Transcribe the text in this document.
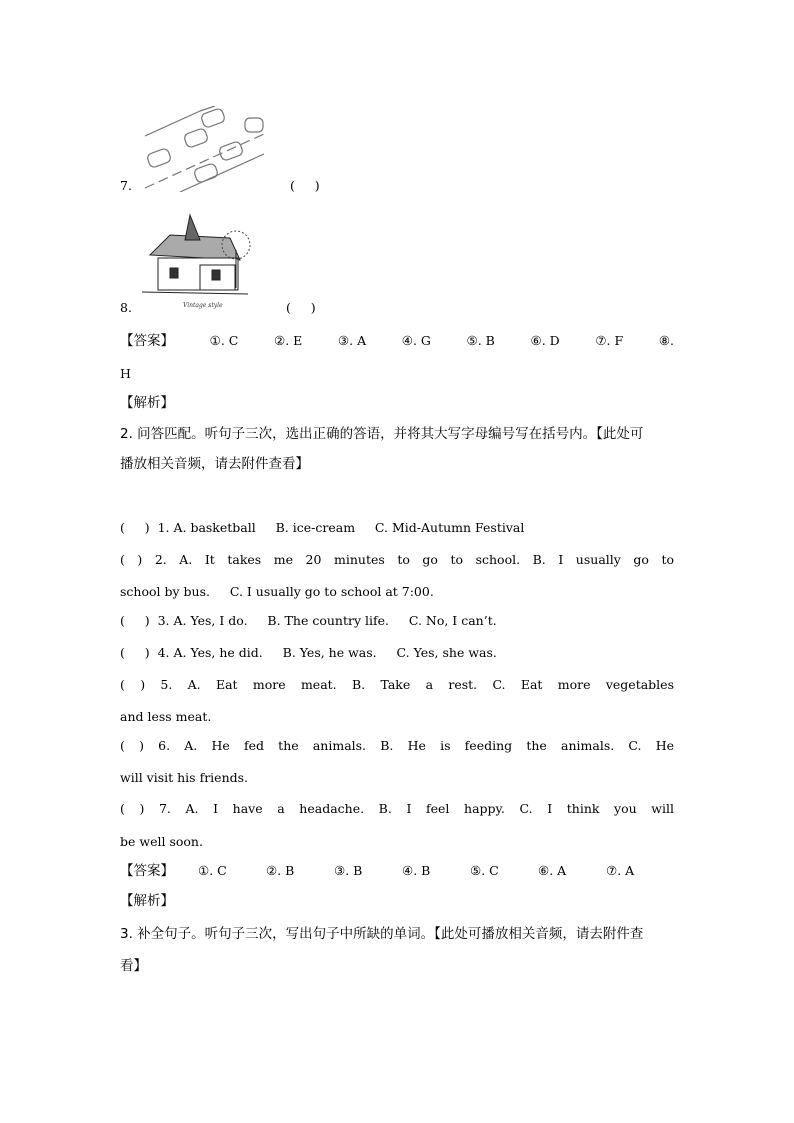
7.	(     )
Vintage style
8.	(     )
【答案】	①. C	②. E	③. A	④. G	⑤. B	⑥. D	⑦. F	⑧.
H
【解析】
2. 问答匹配。听句子三次，选出正确的答语，并将其大写字母编号写在括号内。【此处可
播放相关音频，请去附件查看】
(     )  1. A. basketball     B. ice-cream     C. Mid-Autumn Festival
( ) 2. A. It takes me 20 minutes to go to school. B. I usually go to
school by bus.     C. I usually go to school at 7:00.
(     )  3. A. Yes, I do.     B. The country life.     C. No, I can’t.
(     )  4. A. Yes, he did.     B. Yes, he was.     C. Yes, she was.
( ) 5. A. Eat more meat. B. Take a rest. C. Eat more vegetables
and less meat.
( ) 6. A. He fed the animals. B. He is feeding the animals. C. He
will visit his friends.
( ) 7. A. I have a headache. B. I feel happy. C. I think you will
be well soon.
【答案】 ①. C	②. B	③. B	④. B	⑤. C	⑥. A	⑦. A
【解析】
3. 补全句子。听句子三次，写出句子中所缺的单词。【此处可播放相关音频，请去附件查
看】
